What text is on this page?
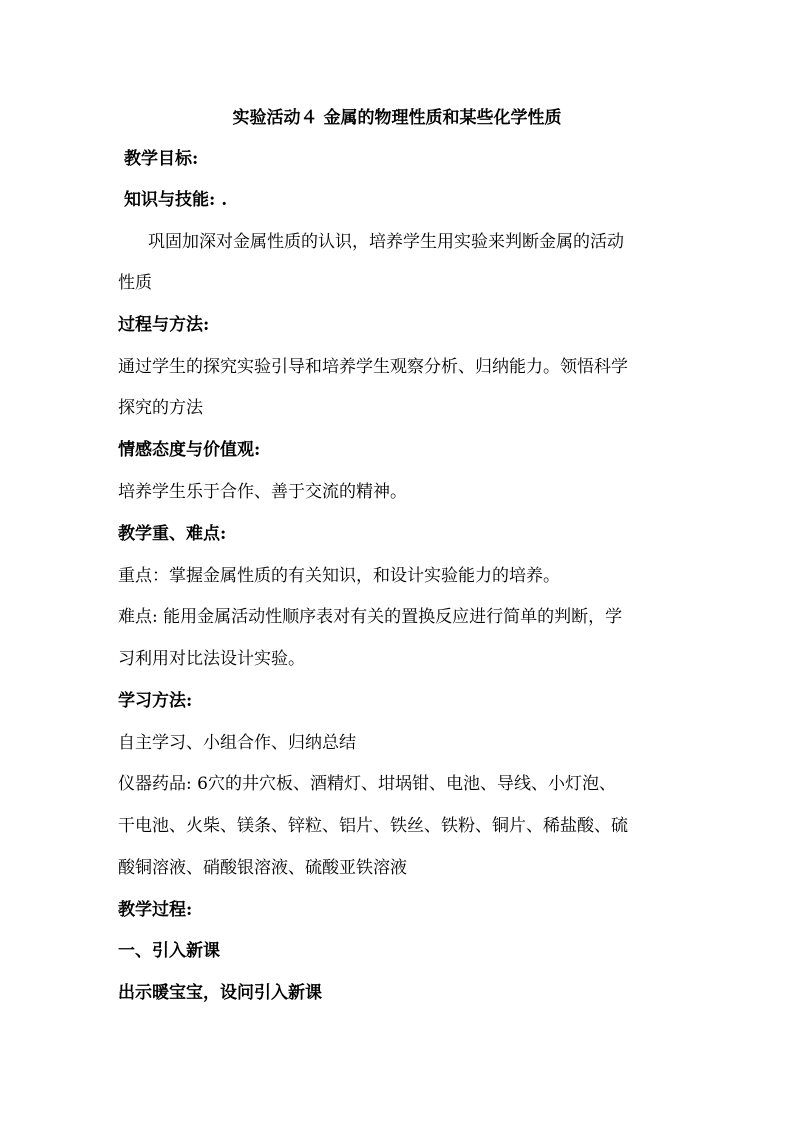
实验活动４ 金属的物理性质和某些化学性质
教学目标:
知识与技能: .
巩固加深对金属性质的认识，培养学生用实验来判断金属的活动
性质
过程与方法:
通过学生的探究实验引导和培养学生观察分析、归纳能力。领悟科学
探究的方法
情感态度与价值观:
培养学生乐于合作、善于交流的精神。
教学重、难点:
重点：掌握金属性质的有关知识，和设计实验能力的培养。
难点: 能用金属活动性顺序表对有关的置换反应进行简单的判断，学
习利用对比法设计实验。
学习方法:
自主学习、小组合作、归纳总结
仪器药品: 6穴的井穴板、酒精灯、坩埚钳、电池、导线、小灯泡、
干电池、火柴、镁条、锌粒、铝片、铁丝、铁粉、铜片、稀盐酸、硫
酸铜溶液、硝酸银溶液、硫酸亚铁溶液
教学过程:
一、引入新课
出示暖宝宝，设问引入新课
